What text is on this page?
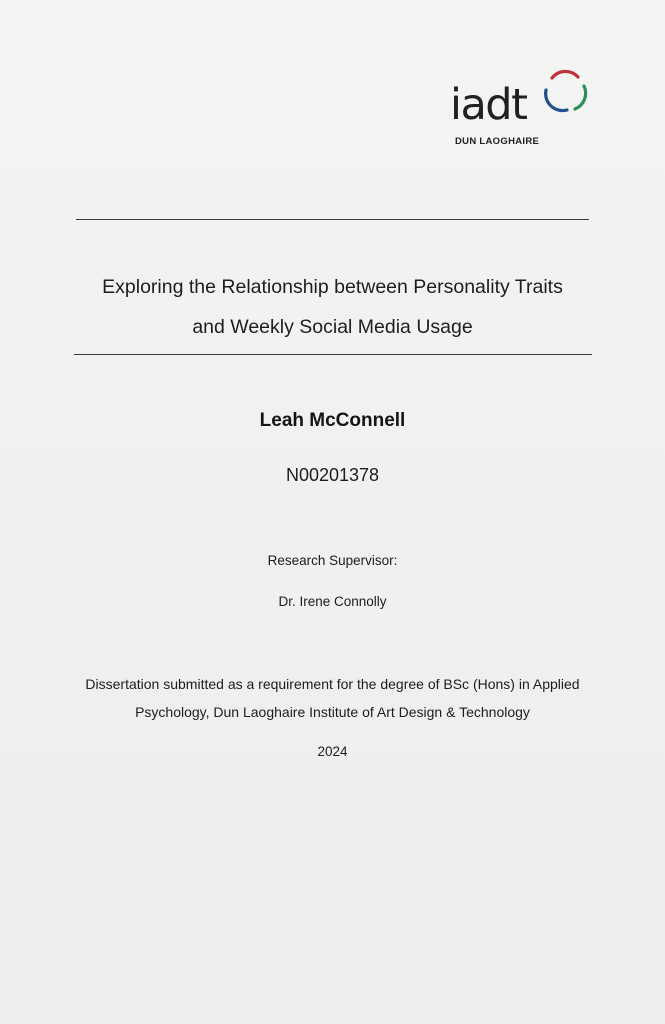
iadt
DUN LAOGHAIRE
Exploring the Relationship between Personality Traits
and Weekly Social Media Usage
Leah McConnell
N00201378
Research Supervisor:
Dr. Irene Connolly
Dissertation submitted as a requirement for the degree of BSc (Hons) in Applied
Psychology, Dun Laoghaire Institute of Art Design & Technology
2024
